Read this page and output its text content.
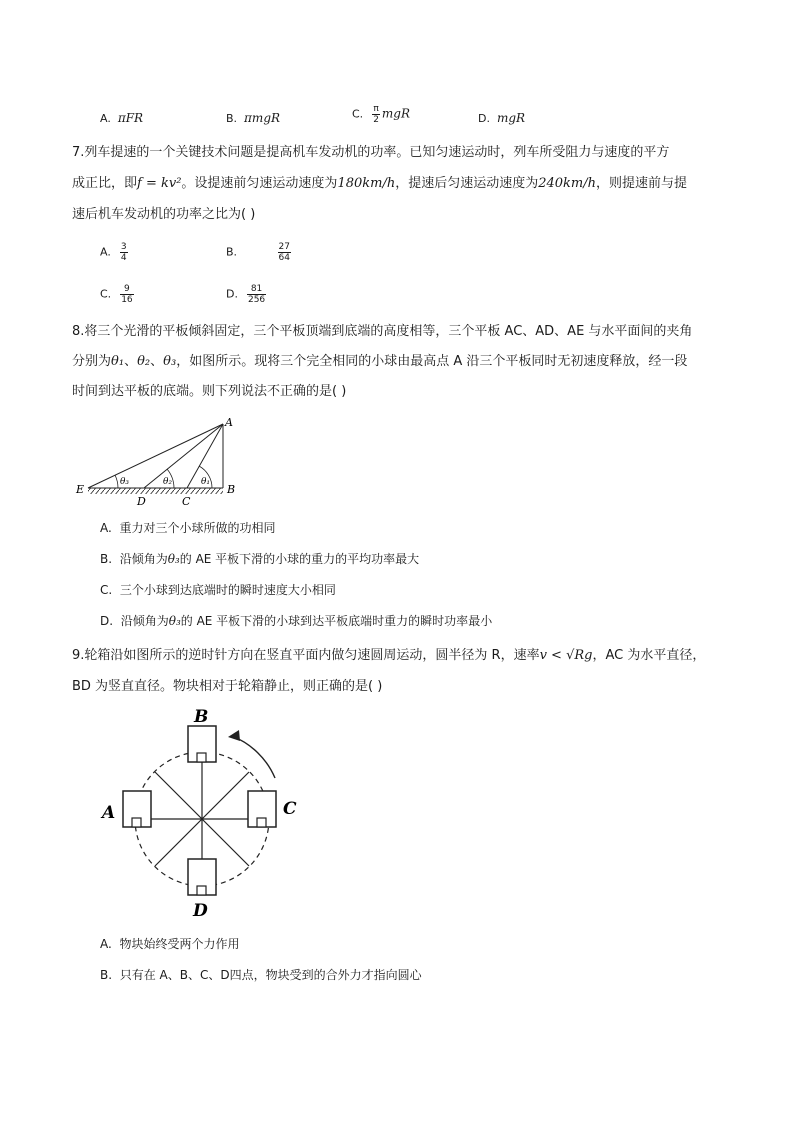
A. πFR	B. πmgR	C. $\frac{\pi}{2}$ mgR	D. mgR
7.列车提速的一个关键技术问题是提高机车发动机的功率。已知匀速运动时，列车所受阻力与速度的平方
成正比，即f = kv²。设提速前匀速运动速度为180km/h，提速后匀速运动速度为240km/h，则提速前与提
速后机车发动机的功率之比为( )
A. $\frac{3}{4}$	B.	$\frac{27}{64}$
C. $\frac{9}{16}$	D. $\frac{81}{256}$
8.将三个光滑的平板倾斜固定，三个平板顶端到底端的高度相等，三个平板 AC、AD、AE 与水平面间的夹角
分别为θ₁、θ₂、θ₃，如图所示。现将三个完全相同的小球由最高点 A 沿三个平板同时无初速度释放，经一段
时间到达平板的底端。则下列说法不正确的是( )
A
E
D	C
B
θ₃	θ₂	θ₁
A. 重力对三个小球所做的功相同
B. 沿倾角为θ₃的 AE 平板下滑的小球的重力的平均功率最大
C. 三个小球到达底端时的瞬时速度大小相同
D. 沿倾角为θ₃的 AE 平板下滑的小球到达平板底端时重力的瞬时功率最小
9.轮箱沿如图所示的逆时针方向在竖直平面内做匀速圆周运动，圆半径为 R，速率v < √Rg，AC 为水平直径，
BD 为竖直直径。物块相对于轮箱静止，则正确的是( )
B
A	C
D
A. 物块始终受两个力作用
B. 只有在 A、B、C、D四点，物块受到的合外力才指向圆心
